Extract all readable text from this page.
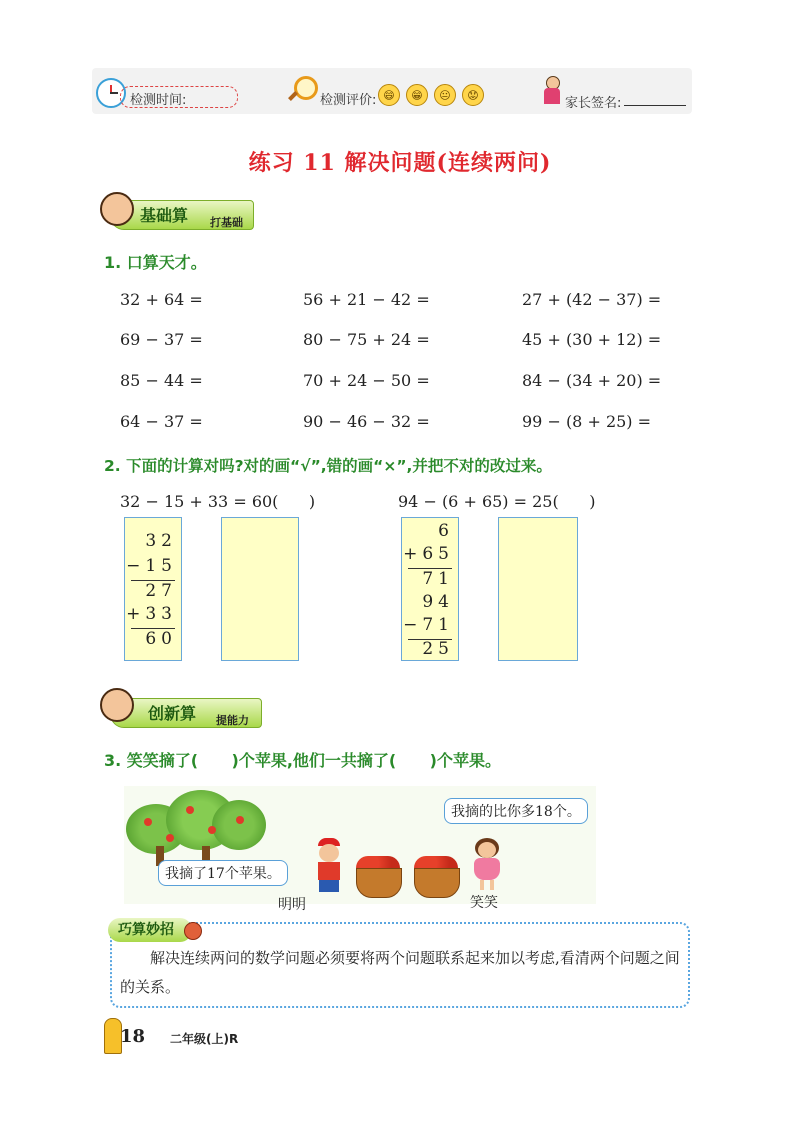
检测时间:	检测评价: 😄	😁	😐	😟
家长签名:
练习 11 解决问题(连续两问)
基础算 打基础
1. 口算天才。
32 + 64 =	56 + 21 − 42 =	27 + (42 − 37) =
69 − 37 =	80 − 75 + 24 =	45 + (30 + 12) =
85 − 44 =	70 + 24 − 50 =	84 − (34 + 20) =
64 − 37 =	90 − 46 − 32 =	99 − (8 + 25) =
2. 下面的计算对吗?对的画“√”,错的画“×”,并把不对的改过来。
32 − 15 + 33 = 60(      )	94 − (6 + 65) = 25(      )
32
−15
27
+33
60
6
+65
71
94
−71
25
创新算 提能力
3. 笑笑摘了(      )个苹果,他们一共摘了(      )个苹果。
我摘了17个苹果。
我摘的比你多18个。
明明	笑笑
巧算妙招
解决连续两问的数学问题必须要将两个问题联系起来加以考虑,看清两个问题之间的关系。
18 二年级(上)R
